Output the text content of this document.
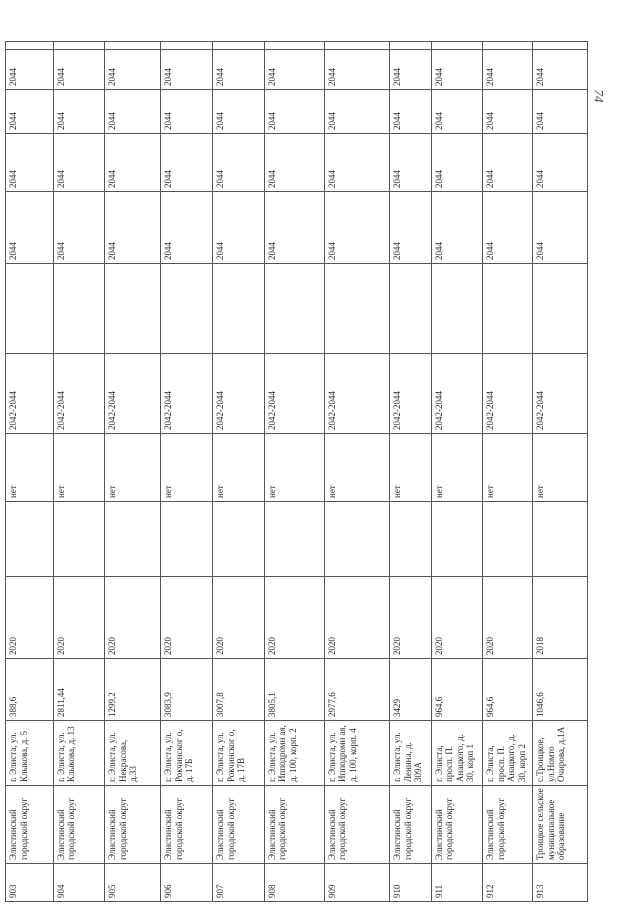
903	Элистинский городской округ	г. Элиста, ул. Клыкова, д. 5	388,6	2020		нет	2042-2044		2044	2044	2044	2044	
904	Элистинский городской округ	г. Элиста, ул. Клыкова, д. 13	2811,44	2020		нет	2042-2044		2044	2044	2044	2044	
905	Элистинский городской округ	г. Элиста, ул. Некрасова, д.33	1299,2	2020		нет	2042-2044		2044	2044	2044	2044	
906	Элистинский городской округ	г. Элиста, ул. Рокчинског о, д. 17Б	3083,9	2020		нет	2042-2044		2044	2044	2044	2044	
907	Элистинский городской округ	г. Элиста, ул. Рокчинског о, д. 17В	3007,8	2020		нет	2042-2044		2044	2044	2044	2044	
908	Элистинский городской округ	г. Элиста, ул. Ипподромн ая, д. 100, корп. 2	3805,1	2020		нет	2042-2044		2044	2044	2044	2044	
909	Элистинский городской округ	г. Элиста, ул. Ипподромн ая, д. 100, корп. 4	2977,6	2020		нет	2042-2044		2044	2044	2044	2044	
910	Элистинский городской округ	г. Элиста, ул. Ленина, д. 309А	3429	2020		нет	2042-2044		2044	2044	2044	2044	
911	Элистинский городской округ	г. Элиста, просп. П. Анацкого, д. 30, корп 1	964,6	2020		нет	2042-2044		2044	2044	2044	2044	
912	Элистинский городской округ	г. Элиста, просп. П. Анацкого, д. 30, корп 2	964,6	2020		нет	2042-2044		2044	2044	2044	2044	
913	Троицкое сельское муниципальное образование	с.Троицкое, ул.Номто Очирова, д.1А	1046,6	2018		нет	2042-2044		2044	2044	2044	2044	
74
